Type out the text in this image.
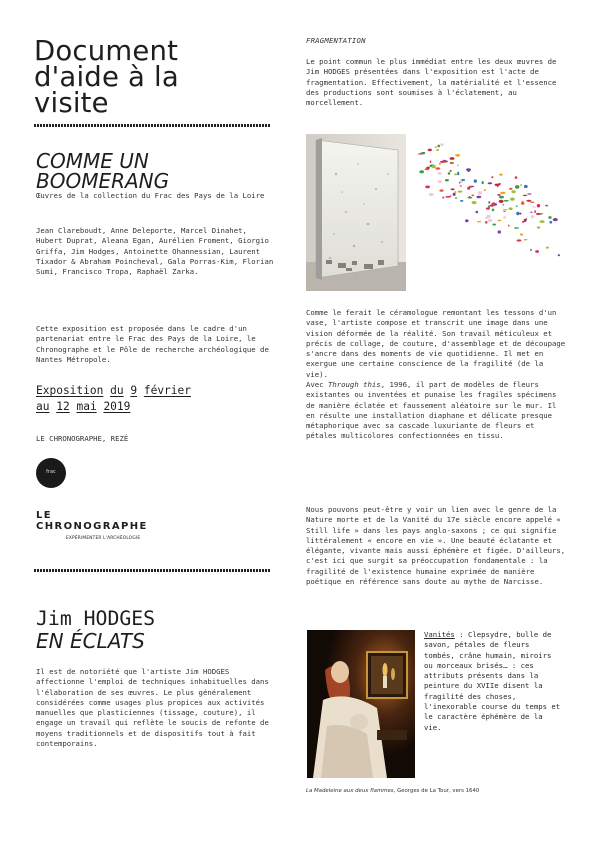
Document
d'aide à la
visite
COMME UN
BOOMERANG
Œuvres de la collection du Frac des Pays de la Loire
Jean Clareboudt, Anne Deleporte, Marcel Dinahet, Hubert Duprat, Aleana Egan, Aurélien Froment, Giorgio Griffa, Jim Hodges, Antoinette Ohannessian, Laurent Tixador & Abraham Poincheval, Gala Porras-Kim, Florian Sumi, Francisco Tropa, Raphaël Zarka.
Cette exposition est proposée dans le cadre d'un partenariat entre le Frac des Pays de la Loire, le Chronographe et le Pôle de recherche archéologique de Nantes Métropole.
Exposition du 9 février
au 12 mai 2019
LE CHRONOGRAPHE, REZÉ
frac
LE
CHRONOGRAPHE
EXPÉRIMENTER L'ARCHÉOLOGIE
Jim HODGES
EN ÉCLATS
Il est de notoriété que l'artiste Jim HODGES affectionne l'emploi de techniques inhabituelles dans l'élaboration de ses œuvres. Le plus généralement considérées comme usages plus propices aux activités manuelles que plasticiennes (tissage, couture), il engage un travail qui reflète le soucis de refonte de moyens traditionnels et de dispositifs tout à fait contemporains.
FRAGMENTATION
Le point commun le plus immédiat entre les deux œuvres de Jim HODGES présentées dans l'exposition est l'acte de fragmentation. Effectivement, la matérialité et l'essence des productions sont soumises à l'éclatement, au morcellement.
Comme le ferait le céramologue remontant les tessons d'un vase, l'artiste compose et transcrit une image dans une vision déformée de la réalité. Son travail méticuleux et précis de collage, de couture, d'assemblage et de découpage s'ancre dans des moments de vie quotidienne. Il met en exergue une certaine conscience de la fragilité (de la vie).
Avec Through this, 1996, il part de modèles de fleurs existantes ou inventées et punaise les fragiles spécimens de manière éclatée et faussement aléatoire sur le mur. Il en résulte une installation diaphane et délicate presque métaphorique avec sa cascade luxuriante de fleurs et pétales multicolores confectionnées en tissu.
Nous pouvons peut-être y voir un lien avec le genre de la Nature morte et de la Vanité du 17e siècle encore appelé « Still life » dans les pays anglo-saxons ; ce qui signifie littéralement « encore en vie ». Une beauté éclatante et élégante, vivante mais aussi éphémère et figée. D'ailleurs, c'est ici que surgit sa préoccupation fondamentale : la fragilité de l'existence humaine exprimée de manière poétique en référence sans doute au mythe de Narcisse.
Vanités : Clepsydre, bulle de savon, pétales de fleurs tombés, crâne humain, miroirs ou morceaux brisés… : ces attributs présents dans la peinture du XVIIe disent la fragilité des choses, l'inexorable course du temps et le caractère éphémère de la vie.
La Madeleine aux deux flammes, Georges de La Tour, vers 1640
